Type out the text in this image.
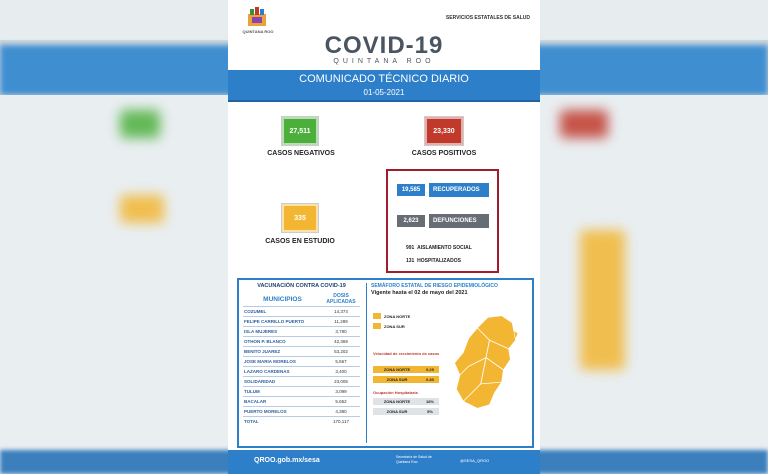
QUINTANA ROO
SERVICIOS ESTATALES DE SALUD
COVID-19
QUINTANA ROO
COMUNICADO TÉCNICO DIARIO
01-05-2021
27,511
CASOS NEGATIVOS
23,330
CASOS POSITIVOS
335
CASOS EN ESTUDIO
19,585	RECUPERADOS
2,623	DEFUNCIONES
991 AISLAMIENTO SOCIAL
131 HOSPITALIZADOS
VACUNACIÓN CONTRA COVID-19
MUNICIPIOS	DOSIS APLICADAS
COZUMEL	14,374
FELIPE CARRILLO PUERTO	11,289
ISLA MUJERES	3,780
OTHON P. BLANCO	42,369
BENITO JUAREZ	53,202
JOSE MARIA MORELOS	5,567
LAZARO CARDENAS	3,400
SOLIDARIDAD	23,005
TULUM	3,099
BACALAR	5,652
PUERTO MORELOS	4,380
TOTAL	170,117
SEMÁFORO ESTATAL DE RIESGO EPIDEMIOLÓGICO
Vigente hasta el 02 de mayo del 2021
ZONA NORTE
ZONA SUR
Velocidad de crecimiento de casos
ZONA NORTE	0.29
ZONA SUR	0.30
Ocupación Hospitalaria
ZONA NORTE	16%
ZONA SUR	5%
QROO.gob.mx/sesa	Secretaría de Salud de Quintana Roo	@SESA_QROO
